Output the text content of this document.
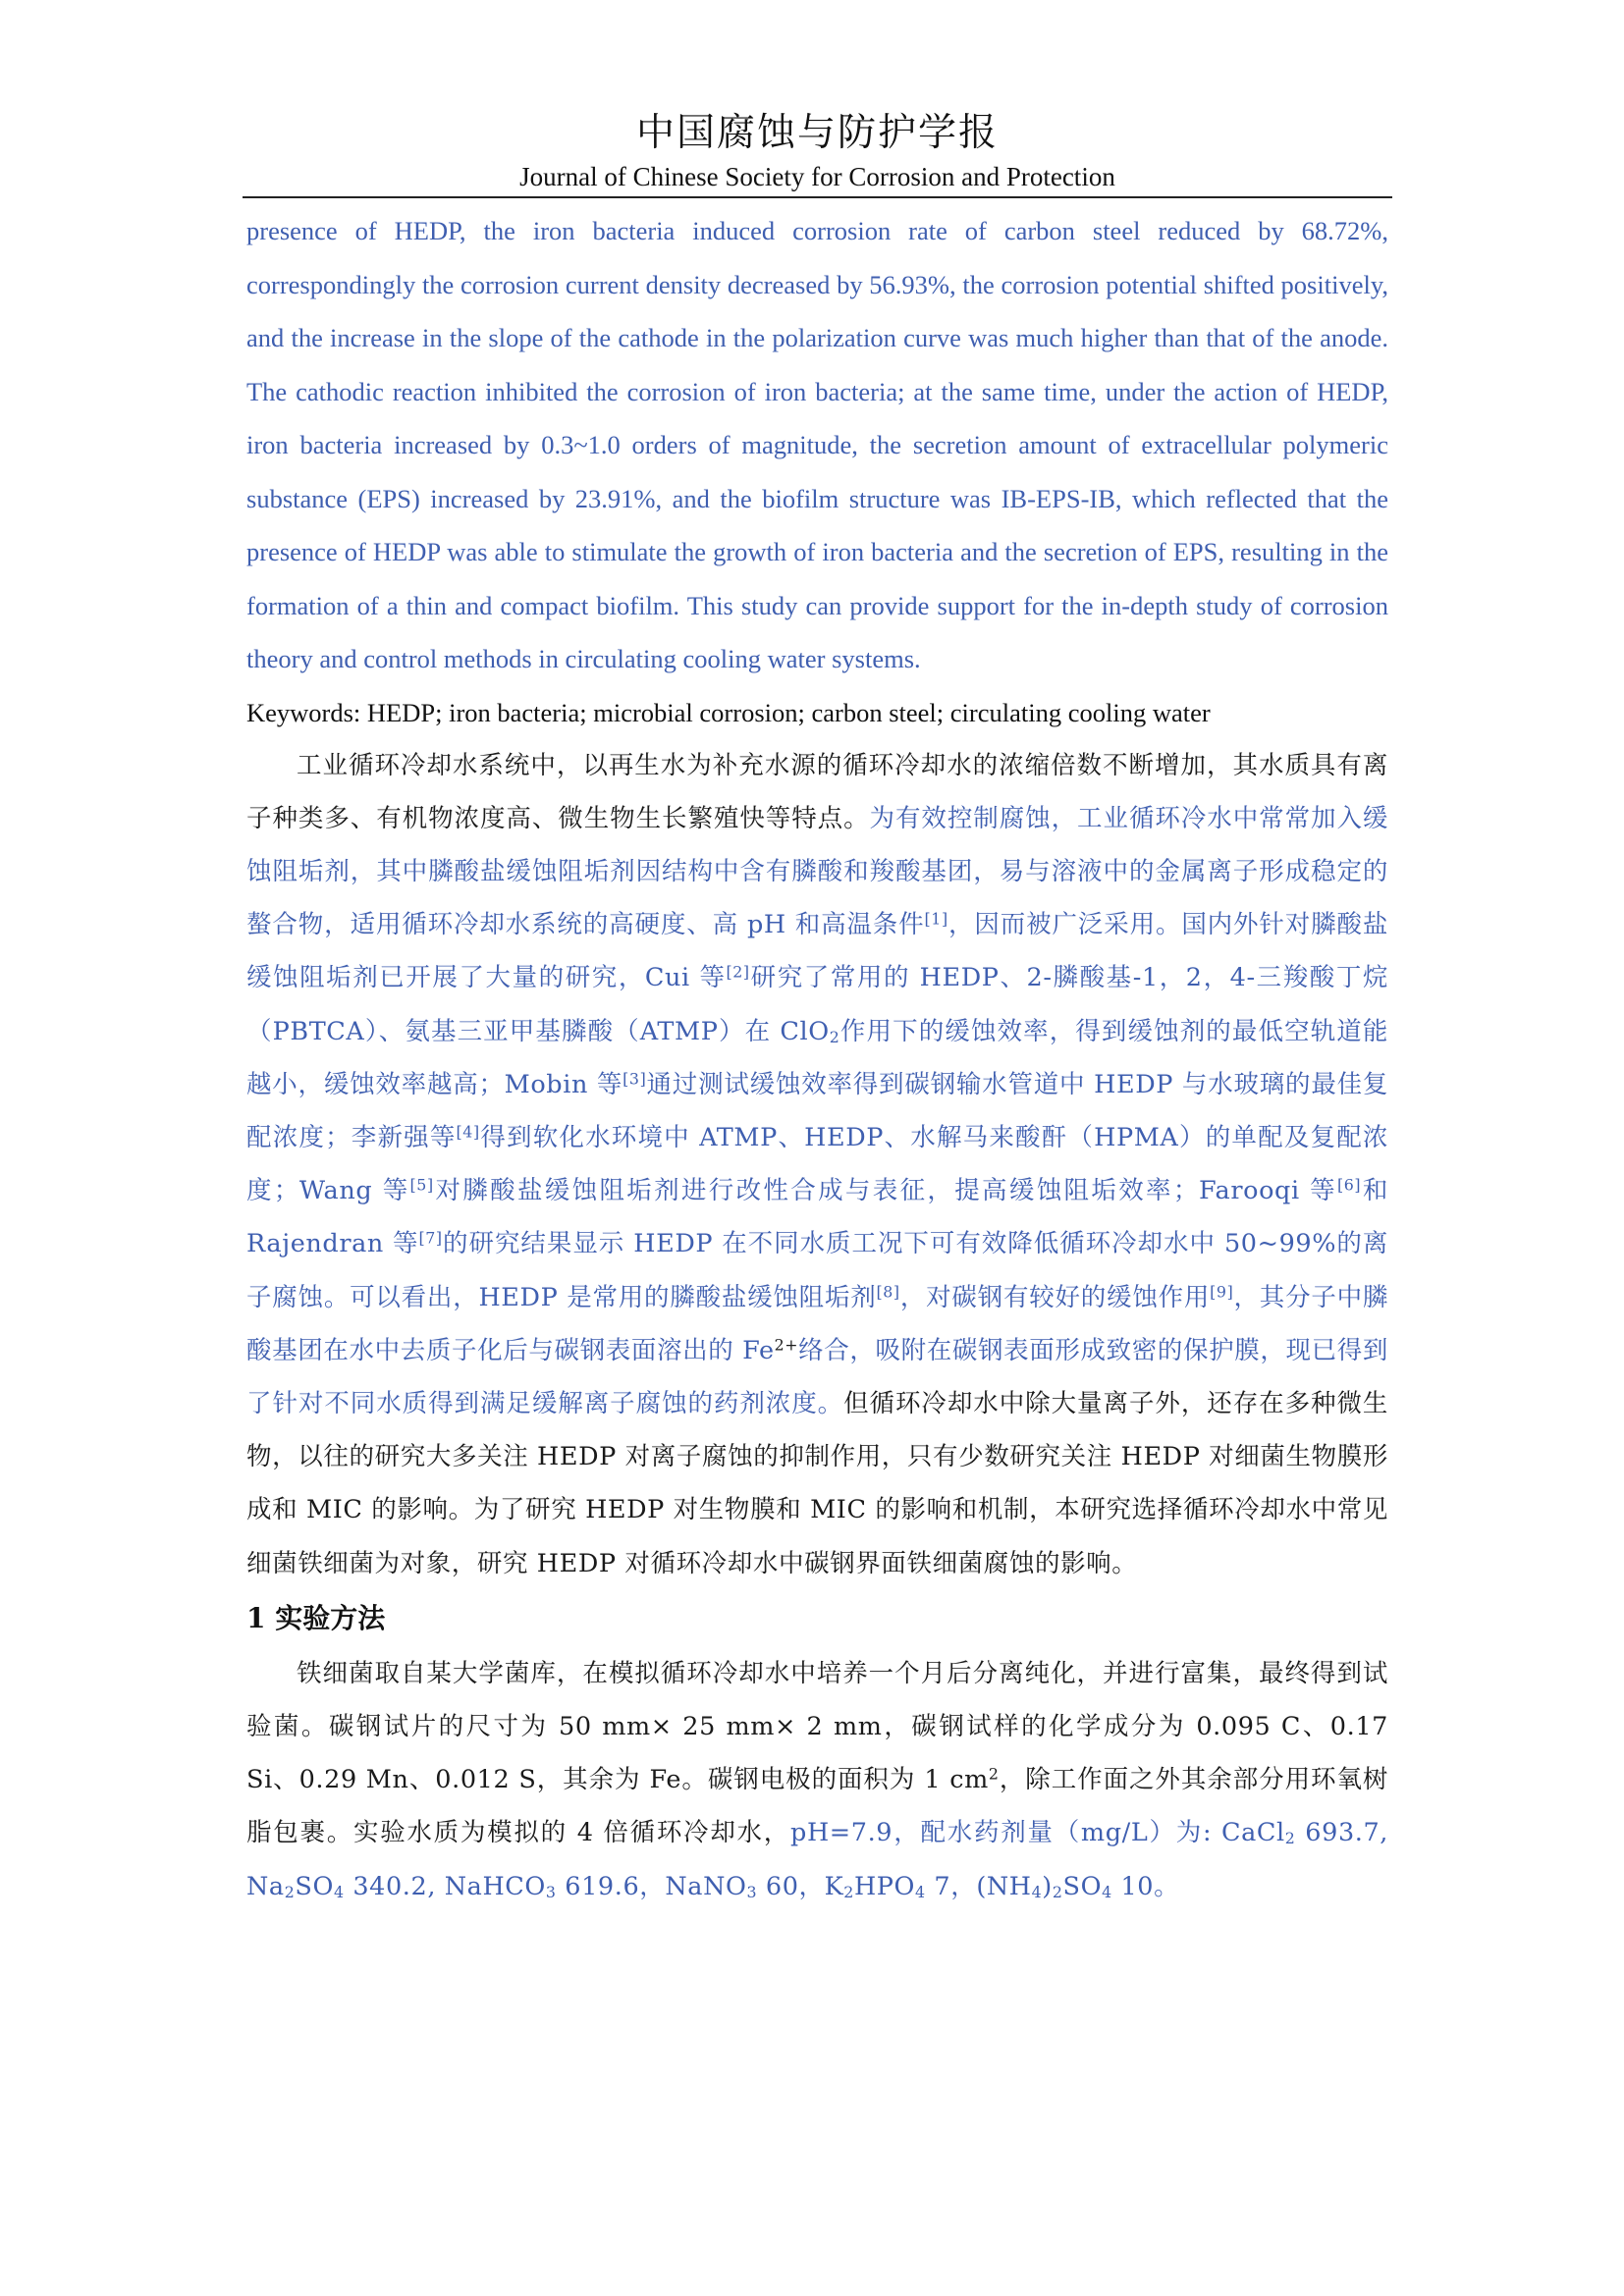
中国腐蚀与防护学报
Journal of Chinese Society for Corrosion and Protection

presence of HEDP, the iron bacteria induced corrosion rate of carbon steel reduced by 68.72%, correspondingly the corrosion current density decreased by 56.93%, the corrosion potential shifted positively, and the increase in the slope of the cathode in the polarization curve was much higher than that of the anode. The cathodic reaction inhibited the corrosion of iron bacteria; at the same time, under the action of HEDP, iron bacteria increased by 0.3~1.0 orders of magnitude, the secretion amount of extracellular polymeric substance (EPS) increased by 23.91%, and the biofilm structure was IB-EPS-IB, which reflected that the presence of HEDP was able to stimulate the growth of iron bacteria and the secretion of EPS, resulting in the formation of a thin and compact biofilm. This study can provide support for the in-depth study of corrosion theory and control methods in circulating cooling water systems.

Keywords: HEDP; iron bacteria; microbial corrosion; carbon steel; circulating cooling water

工业循环冷却水系统中，以再生水为补充水源的循环冷却水的浓缩倍数不断增加，其水质具有离子种类多、有机物浓度高、微生物生长繁殖快等特点。为有效控制腐蚀，工业循环冷水中常常加入缓蚀阻垢剂，其中膦酸盐缓蚀阻垢剂因结构中含有膦酸和羧酸基团，易与溶液中的金属离子形成稳定的螯合物，适用循环冷却水系统的高硬度、高 pH 和高温条件[1]，因而被广泛采用。国内外针对膦酸盐缓蚀阻垢剂已开展了大量的研究，Cui 等[2]研究了常用的 HEDP、2-膦酸基-1，2，4-三羧酸丁烷（PBTCA）、氨基三亚甲基膦酸（ATMP）在 ClO$_2$作用下的缓蚀效率，得到缓蚀剂的最低空轨道能越小，缓蚀效率越高；Mobin 等[3]通过测试缓蚀效率得到碳钢输水管道中 HEDP 与水玻璃的最佳复配浓度；李新强等[4]得到软化水环境中 ATMP、HEDP、水解马来酸酐（HPMA）的单配及复配浓度；Wang 等[5]对膦酸盐缓蚀阻垢剂进行改性合成与表征，提高缓蚀阻垢效率；Farooqi 等[6]和 Rajendran 等[7]的研究结果显示 HEDP 在不同水质工况下可有效降低循环冷却水中 50~99%的离子腐蚀。可以看出，HEDP 是常用的膦酸盐缓蚀阻垢剂[8]，对碳钢有较好的缓蚀作用[9]，其分子中膦酸基团在水中去质子化后与碳钢表面溶出的 $Fe^{2+}$络合，吸附在碳钢表面形成致密的保护膜，现已得到了针对不同水质得到满足缓解离子腐蚀的药剂浓度。但循环冷却水中除大量离子外，还存在多种微生物，以往的研究大多关注 HEDP 对离子腐蚀的抑制作用，只有少数研究关注 HEDP 对细菌生物膜形成和 MIC 的影响。为了研究 HEDP 对生物膜和 MIC 的影响和机制，本研究选择循环冷却水中常见细菌铁细菌为对象，研究 HEDP 对循环冷却水中碳钢界面铁细菌腐蚀的影响。

1 实验方法

铁细菌取自某大学菌库，在模拟循环冷却水中培养一个月后分离纯化，并进行富集，最终得到试验菌。碳钢试片的尺寸为 50 mm× 25 mm× 2 mm，碳钢试样的化学成分为 0.095 C、0.17 Si、0.29 Mn、0.012 S，其余为 Fe。碳钢电极的面积为 1 $cm^2$，除工作面之外其余部分用环氧树脂包裹。实验水质为模拟的 4 倍循环冷却水，pH=7.9，配水药剂量（mg/L）为: CaCl$_2$ 693.7, $Na_2SO_4$ 340.2, NaHCO$_3$ 619.6，NaNO$_3$ 60，$K_2HPO_4$ 7，$(NH_4)_2SO_4$ 10。
